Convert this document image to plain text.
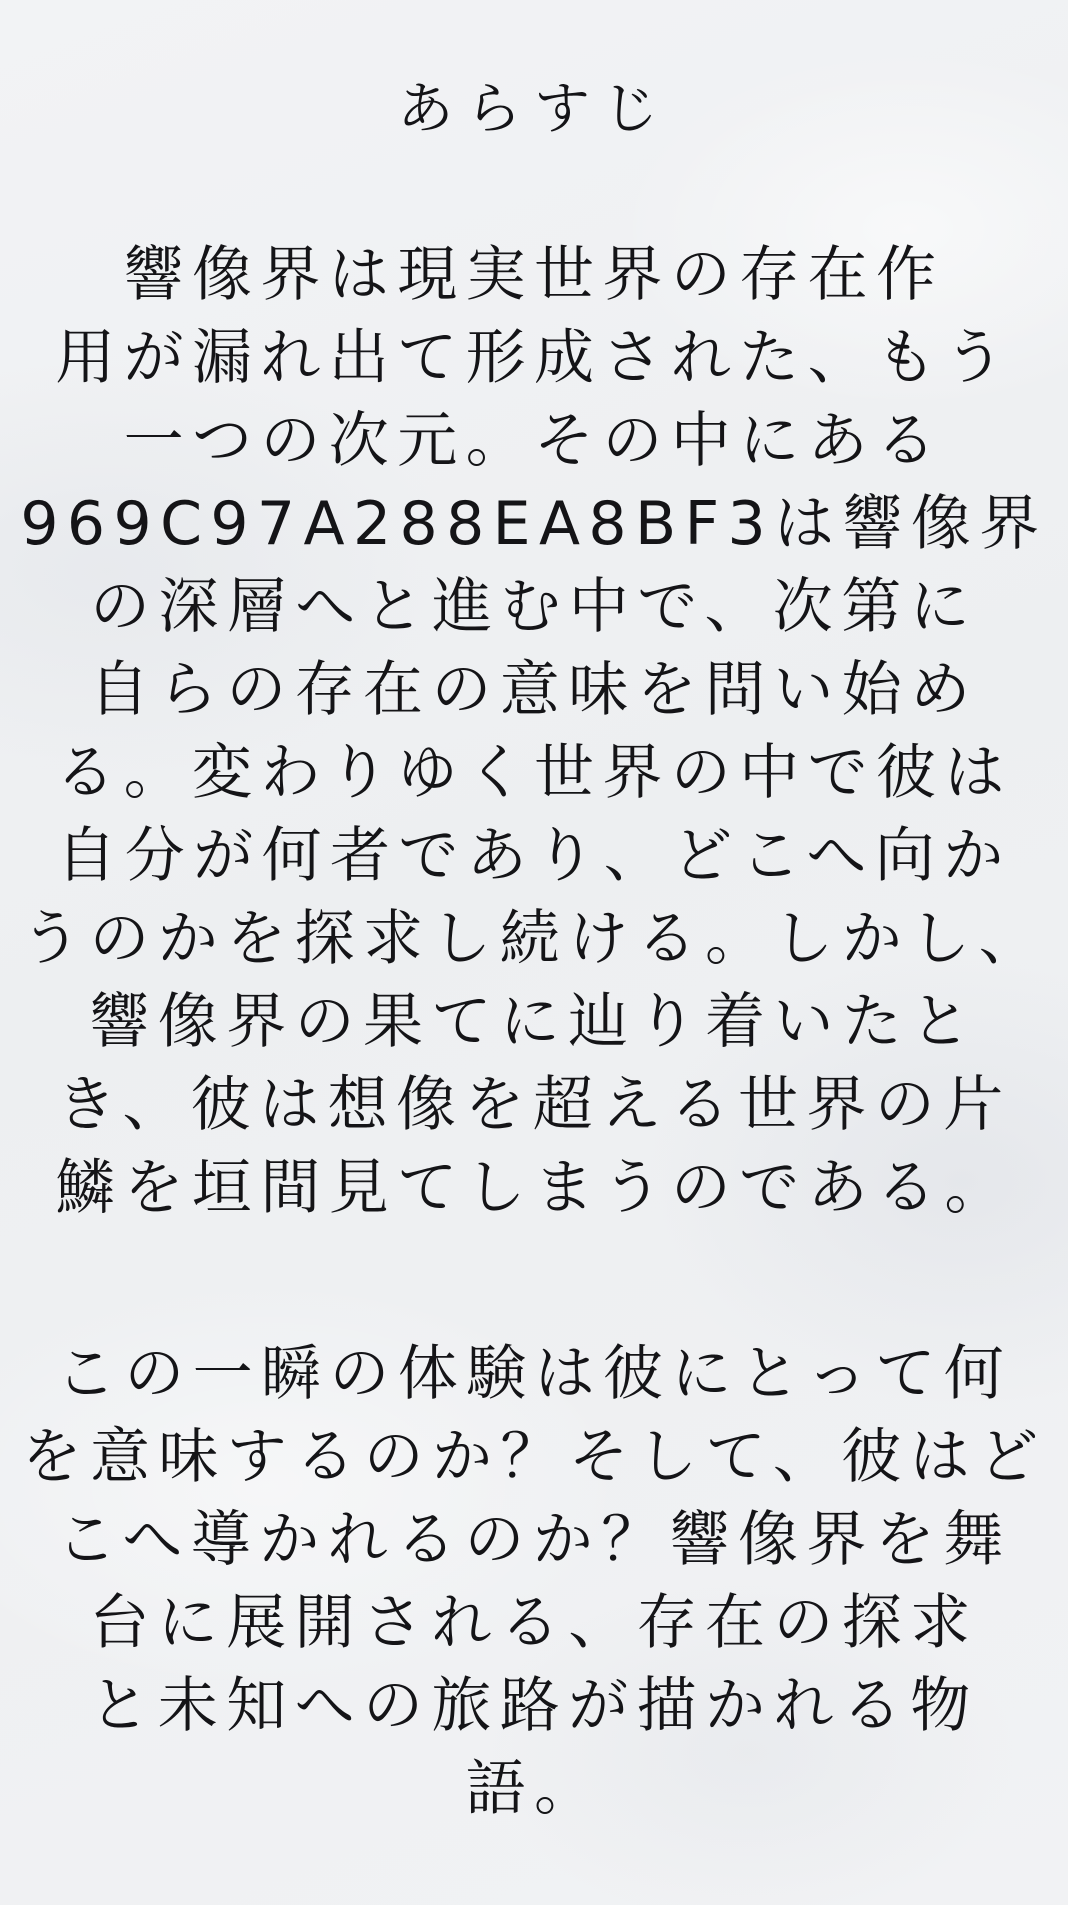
あらすじ
響像界は現実世界の存在作
用が漏れ出て形成された、もう
一つの次元。その中にある
969C97A288EA8BF3は響像界
の深層へと進む中で、次第に
自らの存在の意味を問い始め
る。変わりゆく世界の中で彼は
自分が何者であり、どこへ向か
うのかを探求し続ける。しかし、
響像界の果てに辿り着いたと
き、彼は想像を超える世界の片
鱗を垣間見てしまうのである。
この一瞬の体験は彼にとって何
を意味するのか？そして、彼はど
こへ導かれるのか？響像界を舞
台に展開される、存在の探求
と未知への旅路が描かれる物
語。
